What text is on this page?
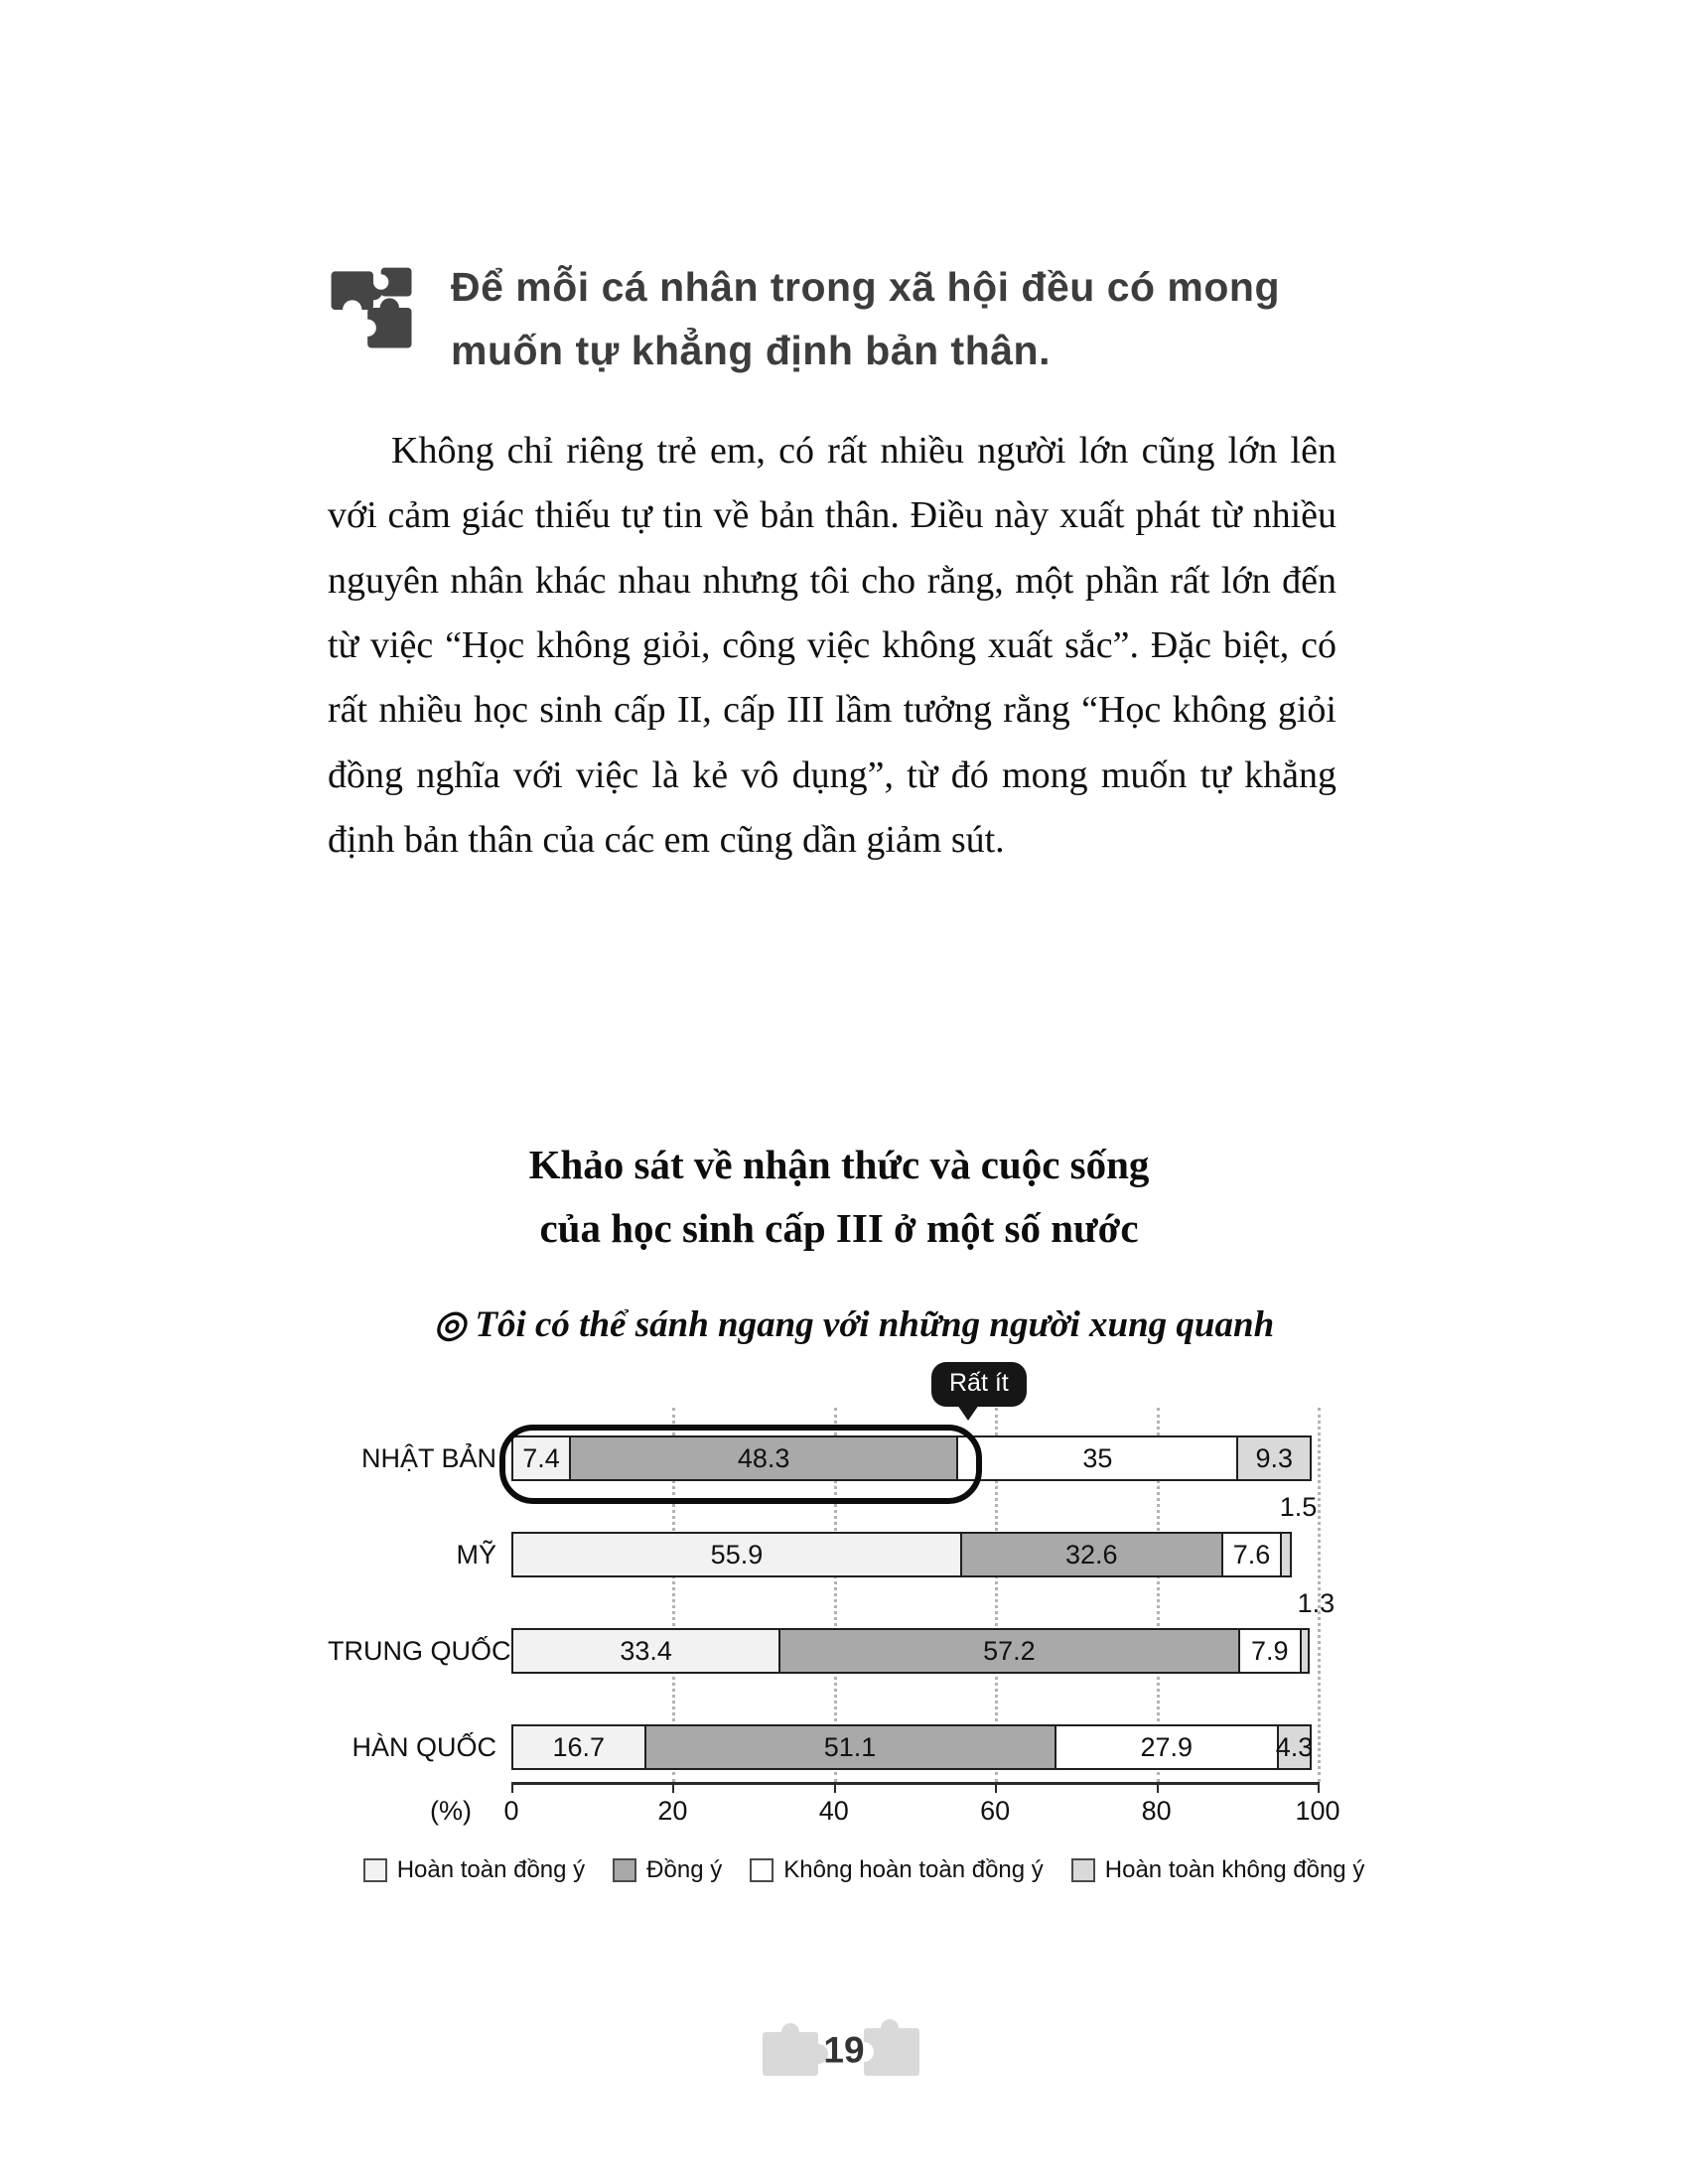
Để mỗi cá nhân trong xã hội đều có mong
muốn tự khẳng định bản thân.
Không chỉ riêng trẻ em, có rất nhiều người lớn cũng lớn lên với cảm giác thiếu tự tin về bản thân. Điều này xuất phát từ nhiều nguyên nhân khác nhau nhưng tôi cho rằng, một phần rất lớn đến từ việc “Học không giỏi, công việc không xuất sắc”. Đặc biệt, có rất nhiều học sinh cấp II, cấp III lầm tưởng rằng “Học không giỏi đồng nghĩa với việc là kẻ vô dụng”, từ đó mong muốn tự khẳng định bản thân của các em cũng dần giảm sút.
Khảo sát về nhận thức và cuộc sống
của học sinh cấp III ở một số nước
◎ Tôi có thể sánh ngang với những người xung quanh
Rất ít
0	20	40	60	80	100
(%)
NHẬT BẢN 7.4	48.3	35	9.3
MỸ	55.9	32.6	7.6
1.5
TRUNG QUỐC	33.4	57.2	7.9
1.3
HÀN QUỐC	16.7	51.1	27.9	4.3
Hoàn toàn đồng ý	Đồng ý	Không hoàn toàn đồng ý	Hoàn toàn không đồng ý
19
